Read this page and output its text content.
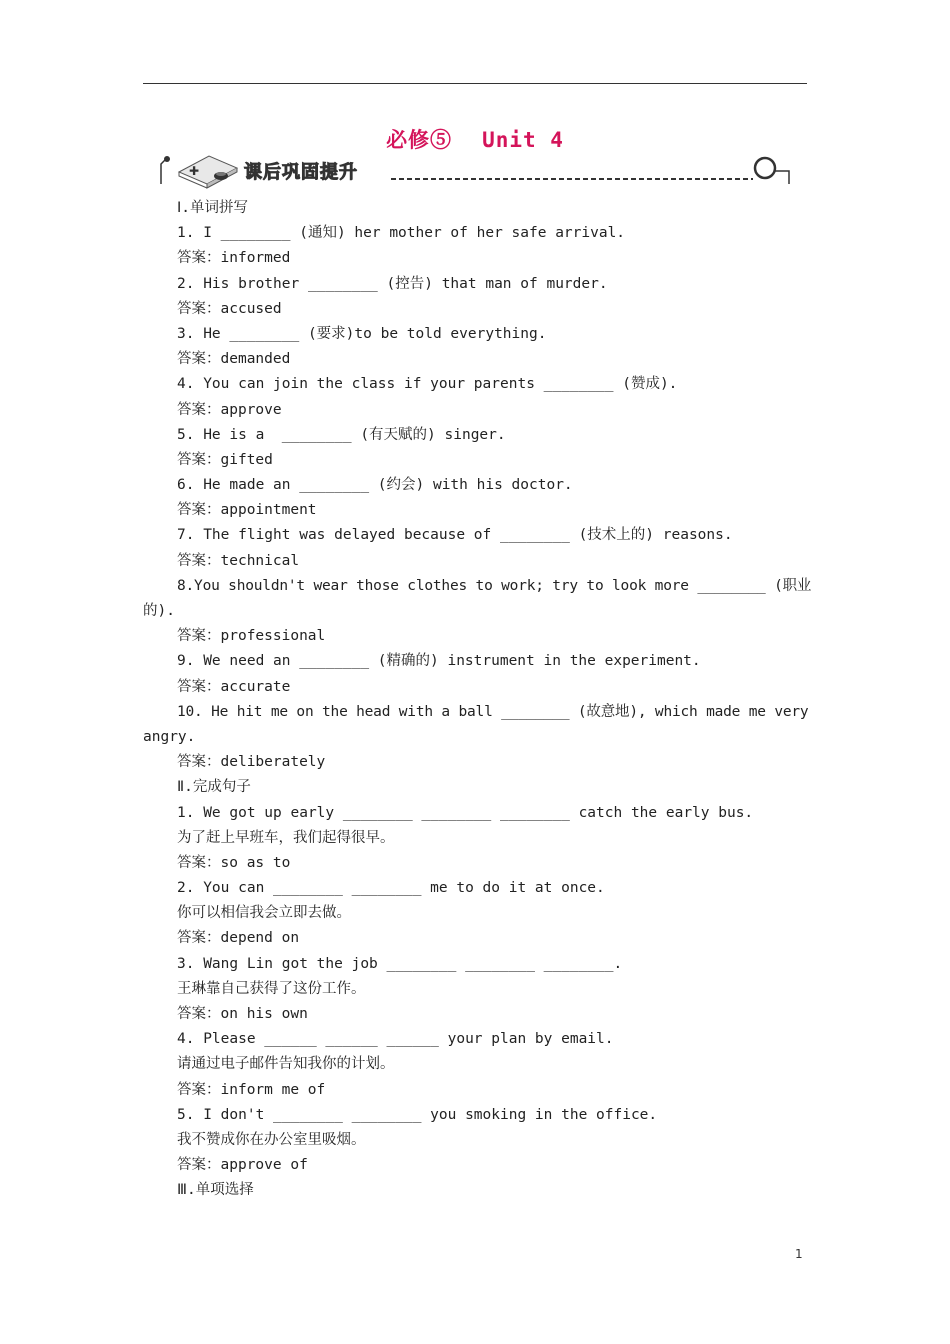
必修⑤ Unit 4
✚ 课后巩固提升
Ⅰ.单词拼写
1. I ________ (通知) her mother of her safe arrival.
答案：informed
2. His brother ________ (控告) that man of murder.
答案：accused
3. He ________ (要求)to be told everything.
答案：demanded
4. You can join the class if your parents ________ (赞成).
答案：approve
5. He is a  ________ (有天赋的) singer.
答案：gifted
6. He made an ________ (约会) with his doctor.
答案：appointment
7. The flight was delayed because of ________ (技术上的) reasons.
答案：technical
8.You shouldn't wear those clothes to work; try to look more ________ (职业
的).
答案：professional
9. We need an ________ (精确的) instrument in the experiment.
答案：accurate
10. He hit me on the head with a ball ________ (故意地), which made me very
angry.
答案：deliberately
Ⅱ.完成句子
1. We got up early ________ ________ ________ catch the early bus.
为了赶上早班车，我们起得很早。
答案：so as to
2. You can ________ ________ me to do it at once.
你可以相信我会立即去做。
答案：depend on
3. Wang Lin got the job ________ ________ ________.
王琳靠自己获得了这份工作。
答案：on his own
4. Please ______ ______ ______ your plan by email.
请通过电子邮件告知我你的计划。
答案：inform me of
5. I don't ________ ________ you smoking in the office.
我不赞成你在办公室里吸烟。
答案：approve of
Ⅲ.单项选择
1
